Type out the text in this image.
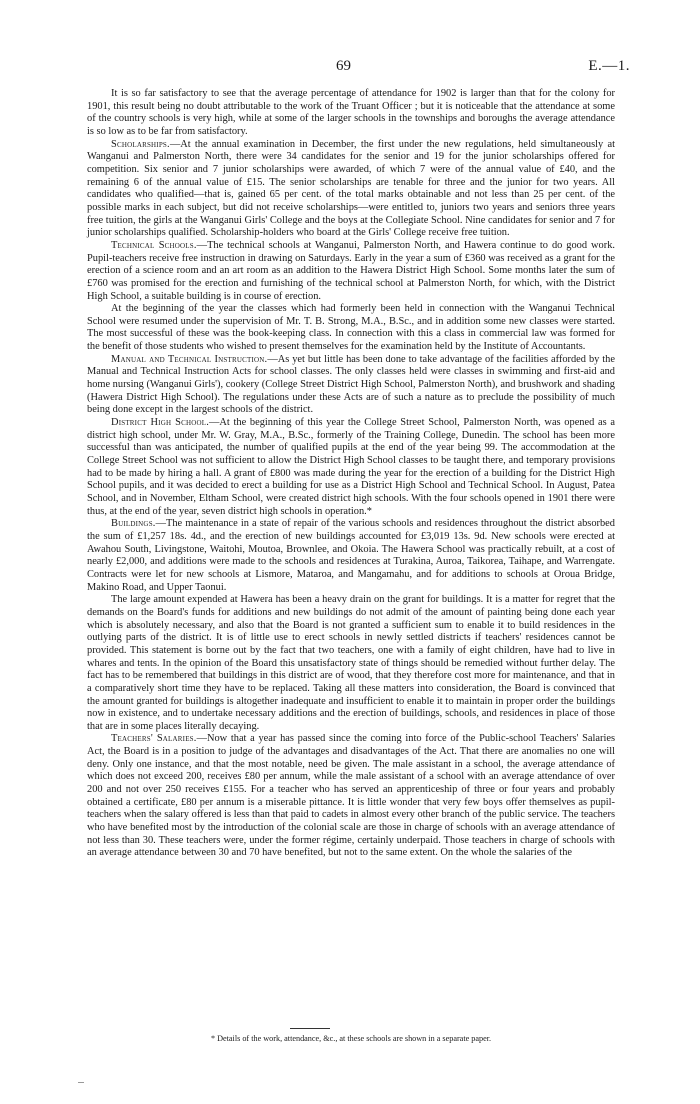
69	E.—1.

It is so far satisfactory to see that the average percentage of attendance for 1902 is larger than that for the colony for 1901, this result being no doubt attributable to the work of the Truant Officer ; but it is noticeable that the attendance at some of the country schools is very high, while at some of the larger schools in the townships and boroughs the average attendance is so low as to be far from satisfactory.

Scholarships.—At the annual examination in December, the first under the new regulations, held simultaneously at Wanganui and Palmerston North, there were 34 candidates for the senior and 19 for the junior scholarships offered for competition. Six senior and 7 junior scholarships were awarded, of which 7 were of the annual value of £40, and the remaining 6 of the annual value of £15. The senior scholarships are tenable for three and the junior for two years. All candidates who qualified—that is, gained 65 per cent. of the total marks obtainable and not less than 25 per cent. of the possible marks in each subject, but did not receive scholarships—were entitled to, juniors two years and seniors three years free tuition, the girls at the Wanganui Girls' College and the boys at the Collegiate School. Nine candidates for senior and 7 for junior scholarships qualified. Scholarship-holders who board at the Girls' College receive free tuition.

Technical Schools.—The technical schools at Wanganui, Palmerston North, and Hawera continue to do good work. Pupil-teachers receive free instruction in drawing on Saturdays. Early in the year a sum of £360 was received as a grant for the erection of a science room and an art room as an addition to the Hawera District High School. Some months later the sum of £760 was promised for the erection and furnishing of the technical school at Palmerston North, for which, with the District High School, a suitable building is in course of erection.

At the beginning of the year the classes which had formerly been held in connection with the Wanganui Technical School were resumed under the supervision of Mr. T. B. Strong, M.A., B.Sc., and in addition some new classes were started. The most successful of these was the book-keeping class. In connection with this a class in commercial law was formed for the benefit of those students who wished to present themselves for the examination held by the Institute of Accountants.

Manual and Technical Instruction.—As yet but little has been done to take advantage of the facilities afforded by the Manual and Technical Instruction Acts for school classes. The only classes held were classes in swimming and first-aid and home nursing (Wanganui Girls'), cookery (College Street District High School, Palmerston North), and brushwork and shading (Hawera District High School). The regulations under these Acts are of such a nature as to preclude the possibility of much being done except in the largest schools of the district.

District High School.—At the beginning of this year the College Street School, Palmerston North, was opened as a district high school, under Mr. W. Gray, M.A., B.Sc., formerly of the Training College, Dunedin. The school has been more successful than was anticipated, the number of qualified pupils at the end of the year being 99. The accommodation at the College Street School was not sufficient to allow the District High School classes to be taught there, and temporary provisions had to be made by hiring a hall. A grant of £800 was made during the year for the erection of a building for the District High School pupils, and it was decided to erect a building for use as a District High School and Technical School. In August, Patea School, and in November, Eltham School, were created district high schools. With the four schools opened in 1901 there were thus, at the end of the year, seven district high schools in operation.*

Buildings.—The maintenance in a state of repair of the various schools and residences throughout the district absorbed the sum of £1,257 18s. 4d., and the erection of new buildings accounted for £3,019 13s. 9d. New schools were erected at Awahou South, Livingstone, Waitohi, Moutoa, Brownlee, and Okoia. The Hawera School was practically rebuilt, at a cost of nearly £2,000, and additions were made to the schools and residences at Turakina, Auroa, Taikorea, Taihape, and Warrengate. Contracts were let for new schools at Lismore, Mataroa, and Mangamahu, and for additions to schools at Oroua Bridge, Makino Road, and Upper Taonui.

The large amount expended at Hawera has been a heavy drain on the grant for buildings. It is a matter for regret that the demands on the Board's funds for additions and new buildings do not admit of the amount of painting being done each year which is absolutely necessary, and also that the Board is not granted a sufficient sum to enable it to build residences in the outlying parts of the district. It is of little use to erect schools in newly settled districts if teachers' residences cannot be provided. This statement is borne out by the fact that two teachers, one with a family of eight children, have had to live in whares and tents. In the opinion of the Board this unsatisfactory state of things should be remedied without further delay. The fact has to be remembered that buildings in this district are of wood, that they therefore cost more for maintenance, and that in a comparatively short time they have to be replaced. Taking all these matters into consideration, the Board is convinced that the amount granted for buildings is altogether inadequate and insufficient to enable it to maintain in proper order the buildings now in existence, and to undertake necessary additions and the erection of buildings, schools, and residences in place of those that are in some places literally decaying.

Teachers' Salaries.—Now that a year has passed since the coming into force of the Public-school Teachers' Salaries Act, the Board is in a position to judge of the advantages and disadvantages of the Act. That there are anomalies no one will deny. Only one instance, and that the most notable, need be given. The male assistant in a school, the average attendance of which does not exceed 200, receives £80 per annum, while the male assistant of a school with an average attendance of over 200 and not over 250 receives £155. For a teacher who has served an apprenticeship of three or four years and probably obtained a certificate, £80 per annum is a miserable pittance. It is little wonder that very few boys offer themselves as pupil-teachers when the salary offered is less than that paid to cadets in almost every other branch of the public service. The teachers who have benefited most by the introduction of the colonial scale are those in charge of schools with an average attendance of not less than 30. These teachers were, under the former régime, certainly underpaid. Those teachers in charge of schools with an average attendance between 30 and 70 have benefited, but not to the same extent. On the whole the salaries of the

* Details of the work, attendance, &c., at these schools are shown in a separate paper.
